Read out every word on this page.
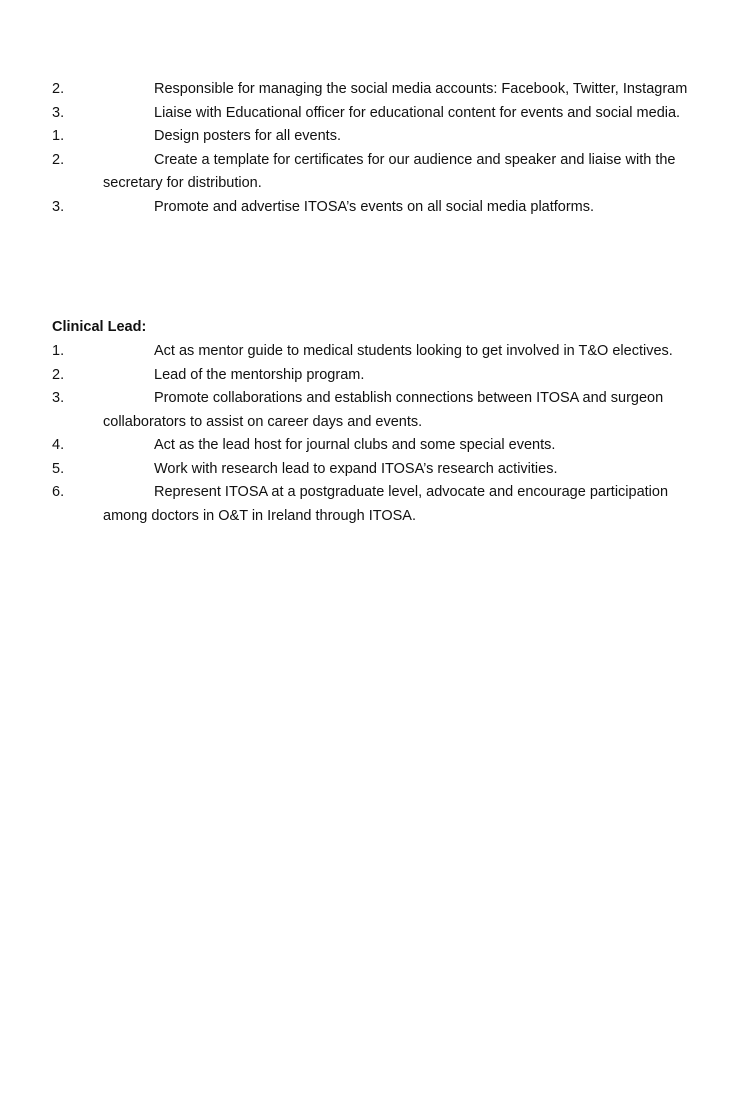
2.	Responsible for managing the social media accounts: Facebook, Twitter, Instagram
3.	Liaise with Educational officer for educational content for events and social media.
1.	Design posters for all events.
2.	Create a template for certificates for our audience and speaker and liaise with the secretary for distribution.
3.	Promote and advertise ITOSA’s events on all social media platforms.
Clinical Lead:
1.	Act as mentor guide to medical students looking to get involved in T&O electives.
2.	Lead of the mentorship program.
3.	Promote collaborations and establish connections between ITOSA and surgeon collaborators to assist on career days and events.
4.	Act as the lead host for journal clubs and some special events.
5.	Work with research lead to expand ITOSA’s research activities.
6.	Represent ITOSA at a postgraduate level, advocate and encourage participation among doctors in O&T in Ireland through ITOSA.
